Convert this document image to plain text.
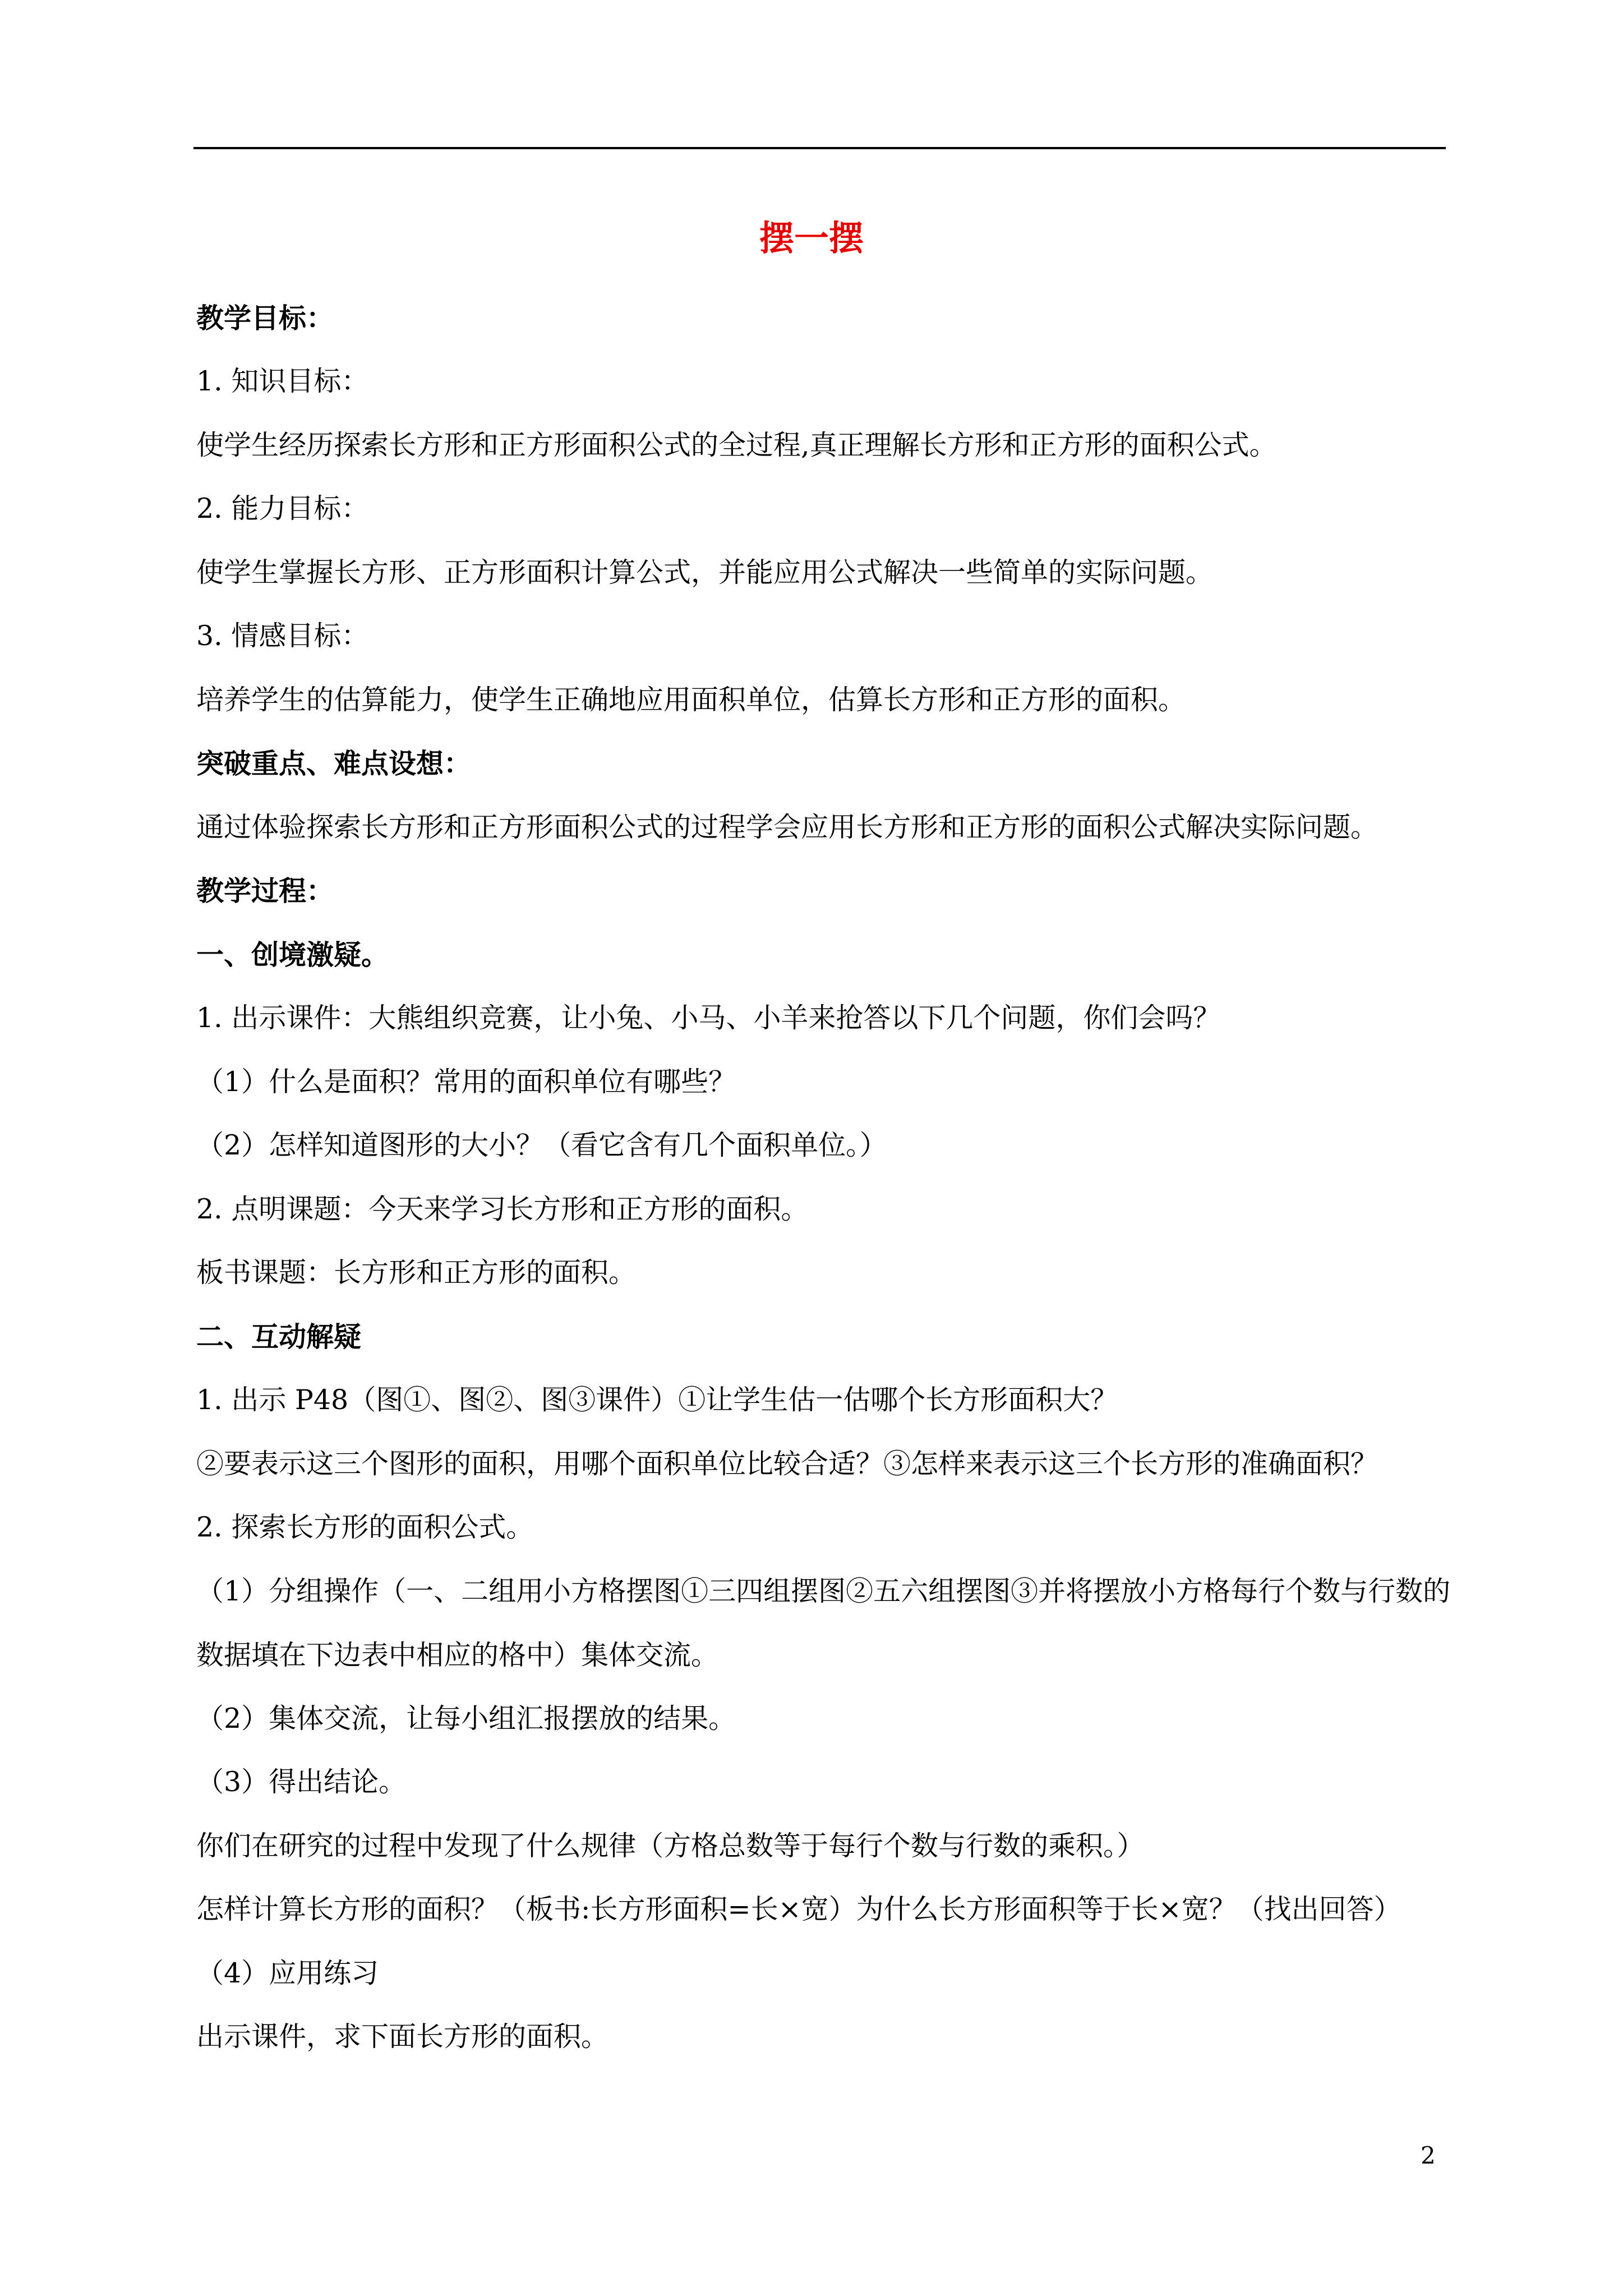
摆一摆
教学目标：
1. 知识目标：
使学生经历探索长方形和正方形面积公式的全过程,真正理解长方形和正方形的面积公式。
2. 能力目标：
使学生掌握长方形、正方形面积计算公式，并能应用公式解决一些简单的实际问题。
3. 情感目标：
培养学生的估算能力，使学生正确地应用面积单位，估算长方形和正方形的面积。
突破重点、难点设想：
通过体验探索长方形和正方形面积公式的过程学会应用长方形和正方形的面积公式解决实际问题。
教学过程：
一、创境激疑。
1. 出示课件：大熊组织竞赛，让小兔、小马、小羊来抢答以下几个问题，你们会吗？
（1）什么是面积？常用的面积单位有哪些？
（2）怎样知道图形的大小？（看它含有几个面积单位。）
2. 点明课题：今天来学习长方形和正方形的面积。
板书课题：长方形和正方形的面积。
二、互动解疑
1. 出示 P48（图①、图②、图③课件）①让学生估一估哪个长方形面积大？
②要表示这三个图形的面积，用哪个面积单位比较合适？③怎样来表示这三个长方形的准确面积？
2. 探索长方形的面积公式。
（1）分组操作（一、二组用小方格摆图①三四组摆图②五六组摆图③并将摆放小方格每行个数与行数的数据填在下边表中相应的格中）集体交流。
（2）集体交流，让每小组汇报摆放的结果。
（3）得出结论。
你们在研究的过程中发现了什么规律（方格总数等于每行个数与行数的乘积。）
怎样计算长方形的面积？（板书:长方形面积=长×宽）为什么长方形面积等于长×宽？（找出回答）
（4）应用练习
出示课件，求下面长方形的面积。
2
